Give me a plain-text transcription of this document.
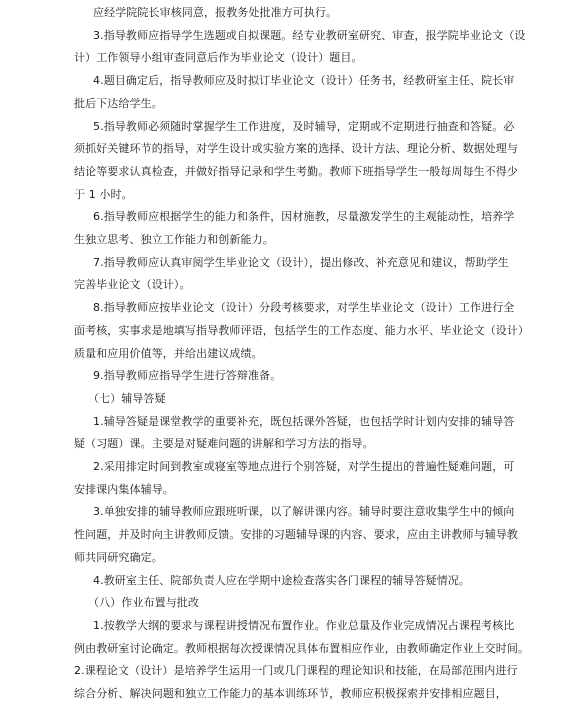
应经学院院长审核同意，报教务处批准方可执行。
3.指导教师应指导学生选题或自拟课题。经专业教研室研究、审查，报学院毕业论文（设
计）工作领导小组审查同意后作为毕业论文（设计）题目。
4.题目确定后，指导教师应及时拟订毕业论文（设计）任务书，经教研室主任、院长审
批后下达给学生。
5.指导教师必须随时掌握学生工作进度，及时辅导，定期或不定期进行抽查和答疑。必
须抓好关键环节的指导，对学生设计或实验方案的选择、设计方法、理论分析、数据处理与
结论等要求认真检查，并做好指导记录和学生考勤。教师下班指导学生一般每周每生不得少
于 1 小时。
6.指导教师应根据学生的能力和条件，因材施教，尽量激发学生的主观能动性，培养学
生独立思考、独立工作能力和创新能力。
7.指导教师应认真审阅学生毕业论文（设计），提出修改、补充意见和建议，帮助学生
完善毕业论文（设计）。
8.指导教师应按毕业论文（设计）分段考核要求，对学生毕业论文（设计）工作进行全
面考核，实事求是地填写指导教师评语，包括学生的工作态度、能力水平、毕业论文（设计）
质量和应用价值等，并给出建议成绩。
9.指导教师应指导学生进行答辩准备。
（七）辅导答疑
1.辅导答疑是课堂教学的重要补充，既包括课外答疑，也包括学时计划内安排的辅导答
疑（习题）课。主要是对疑难问题的讲解和学习方法的指导。
2.采用排定时间到教室或寝室等地点进行个别答疑，对学生提出的普遍性疑难问题，可
安排课内集体辅导。
3.单独安排的辅导教师应跟班听课，以了解讲课内容。辅导时要注意收集学生中的倾向
性问题，并及时向主讲教师反馈。安排的习题辅导课的内容、要求，应由主讲教师与辅导教
师共同研究确定。
4.教研室主任、院部负责人应在学期中途检查落实各门课程的辅导答疑情况。
（八）作业布置与批改
1.按教学大纲的要求与课程讲授情况布置作业。作业总量及作业完成情况占课程考核比
例由教研室讨论确定。教师根据每次授课情况具体布置相应作业，由教师确定作业上交时间。
2.课程论文（设计）是培养学生运用一门或几门课程的理论知识和技能，在局部范围内进行
综合分析、解决问题和独立工作能力的基本训练环节，教师应积极探索并安排相应题目，
